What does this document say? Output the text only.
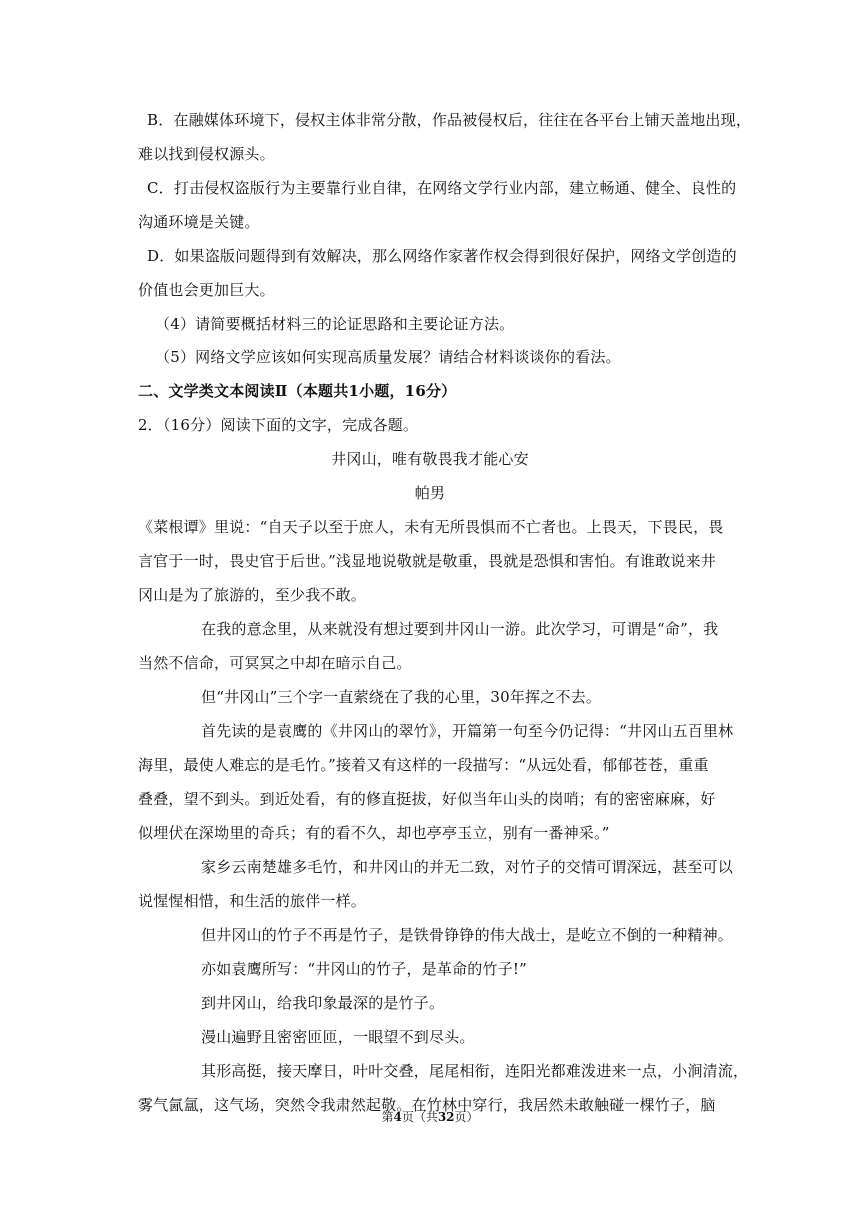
B．在融媒体环境下，侵权主体非常分散，作品被侵权后，往往在各平台上铺天盖地出现，
难以找到侵权源头。
C．打击侵权盗版行为主要靠行业自律，在网络文学行业内部，建立畅通、健全、良性的
沟通环境是关键。
D．如果盗版问题得到有效解决，那么网络作家著作权会得到很好保护，网络文学创造的
价值也会更加巨大。
（4）请简要概括材料三的论证思路和主要论证方法。
（5）网络文学应该如何实现高质量发展？请结合材料谈谈你的看法。
二、文学类文本阅读Ⅱ（本题共1小题，16分）
2．（16分）阅读下面的文字，完成各题。
井冈山，唯有敬畏我才能心安
帕男
《菜根谭》里说：“自天子以至于庶人，未有无所畏惧而不亡者也。上畏天，下畏民，畏
言官于一时，畏史官于后世。”浅显地说敬就是敬重，畏就是恐惧和害怕。有谁敢说来井
冈山是为了旅游的，至少我不敢。
在我的意念里，从来就没有想过要到井冈山一游。此次学习，可谓是“命”，我
当然不信命，可冥冥之中却在暗示自己。
但“井冈山”三个字一直萦绕在了我的心里，30年挥之不去。
首先读的是袁鹰的《井冈山的翠竹》，开篇第一句至今仍记得：“井冈山五百里林
海里，最使人难忘的是毛竹。”接着又有这样的一段描写：“从远处看，郁郁苍苍，重重
叠叠，望不到头。到近处看，有的修直挺拔，好似当年山头的岗哨；有的密密麻麻，好
似埋伏在深坳里的奇兵；有的看不久，却也亭亭玉立，别有一番神采。”
家乡云南楚雄多毛竹，和井冈山的并无二致，对竹子的交情可谓深远，甚至可以
说惺惺相惜，和生活的旅伴一样。
但井冈山的竹子不再是竹子，是铁骨铮铮的伟大战士，是屹立不倒的一种精神。
亦如袁鹰所写：“井冈山的竹子，是革命的竹子!”
到井冈山，给我印象最深的是竹子。
漫山遍野且密密匝匝，一眼望不到尽头。
其形高挺，接天摩日，叶叶交叠，尾尾相衔，连阳光都难泼进来一点，小涧清流，
雾气氤氲，这气场，突然令我肃然起敬。在竹林中穿行，我居然未敢触碰一棵竹子，脑
第4页（共32页）
